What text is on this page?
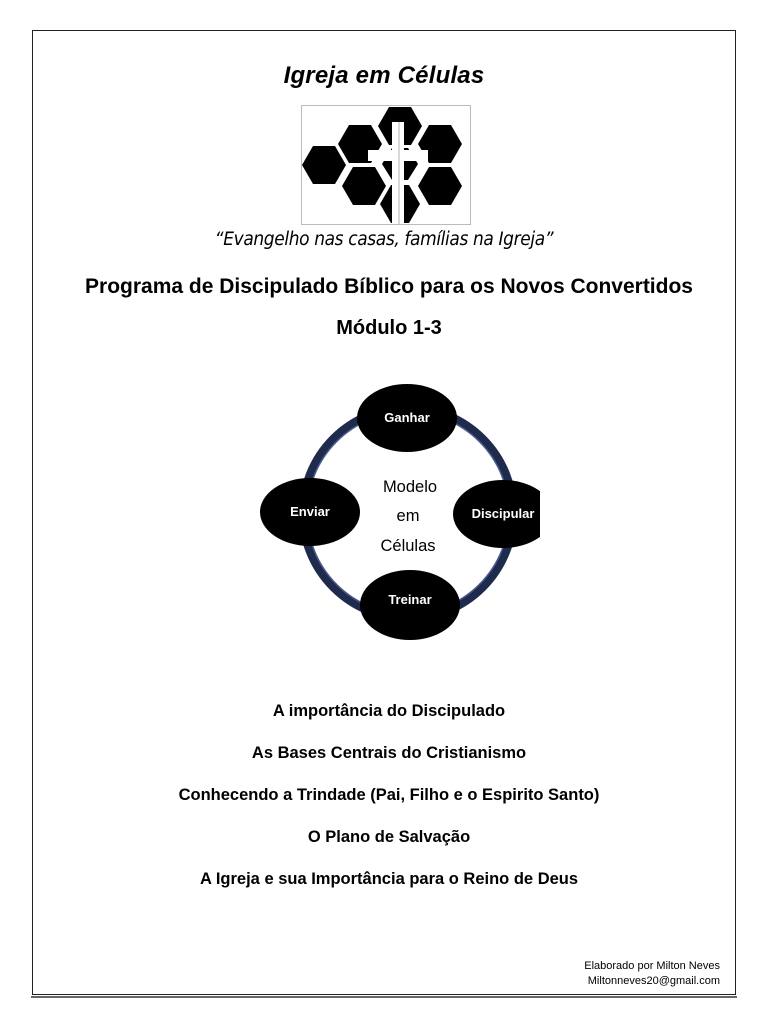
Igreja em Células
“Evangelho nas casas, famílias na Igreja”
Programa de Discipulado Bíblico para os Novos Convertidos
Módulo 1-3
Modelo
em
Células
Ganhar
Discipular
Treinar
Enviar
A importância do Discipulado
As Bases Centrais do Cristianismo
Conhecendo a Trindade (Pai, Filho e o Espirito Santo)
O Plano de Salvação
A Igreja e sua Importância para o Reino de Deus
Elaborado por Milton Neves
Miltonneves20@gmail.com
